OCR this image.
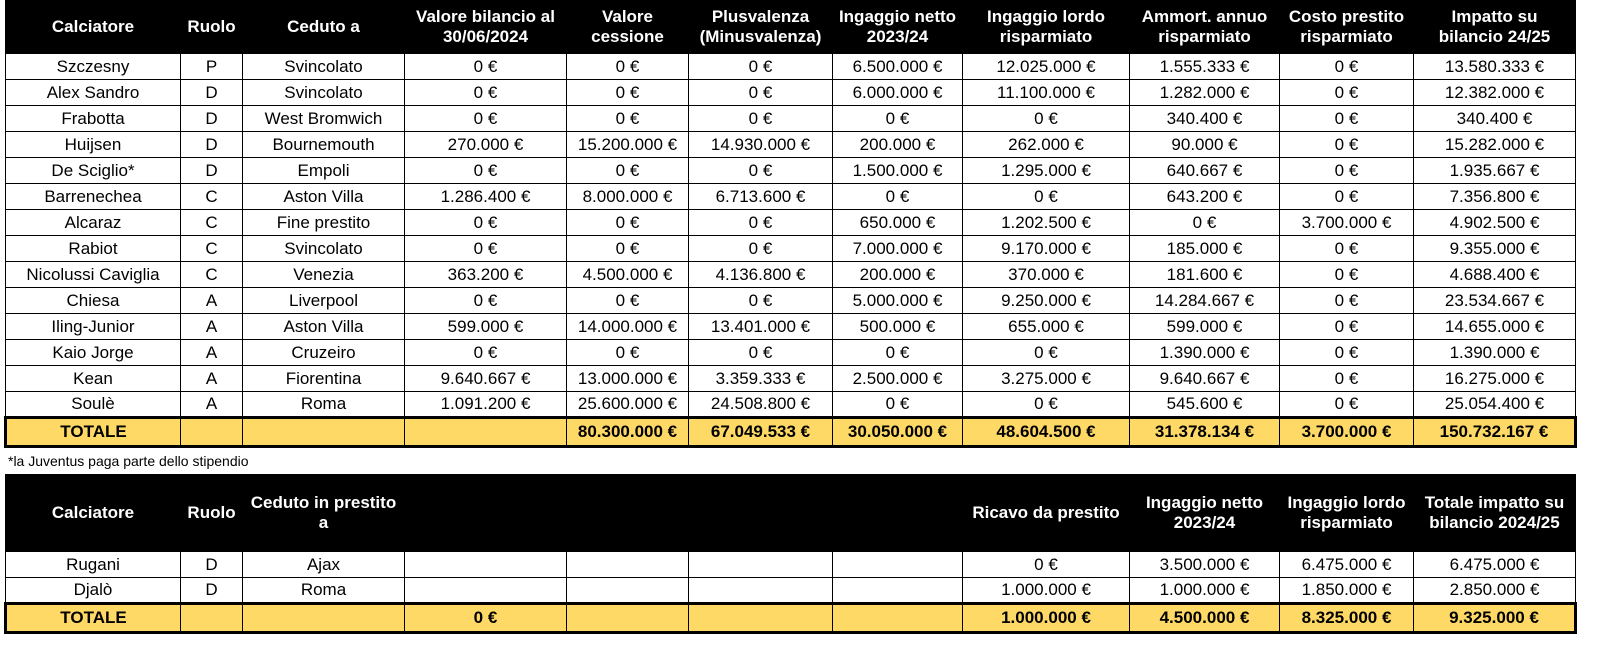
Calciatore	Ruolo	Ceduto a	Valore bilancio al 30/06/2024	Valore cessione	Plusvalenza (Minusvalenza)	Ingaggio netto 2023/24	Ingaggio lordo risparmiato	Ammort. annuo risparmiato	Costo prestito risparmiato	Impatto su bilancio 24/25
Szczesny	P	Svincolato	0 €	0 €	0 €	6.500.000 €	12.025.000 €	1.555.333 €	0 €	13.580.333 €
Alex Sandro	D	Svincolato	0 €	0 €	0 €	6.000.000 €	11.100.000 €	1.282.000 €	0 €	12.382.000 €
Frabotta	D	West Bromwich	0 €	0 €	0 €	0 €	0 €	340.400 €	0 €	340.400 €
Huijsen	D	Bournemouth	270.000 €	15.200.000 €	14.930.000 €	200.000 €	262.000 €	90.000 €	0 €	15.282.000 €
De Sciglio*	D	Empoli	0 €	0 €	0 €	1.500.000 €	1.295.000 €	640.667 €	0 €	1.935.667 €
Barrenechea	C	Aston Villa	1.286.400 €	8.000.000 €	6.713.600 €	0 €	0 €	643.200 €	0 €	7.356.800 €
Alcaraz	C	Fine prestito	0 €	0 €	0 €	650.000 €	1.202.500 €	0 €	3.700.000 €	4.902.500 €
Rabiot	C	Svincolato	0 €	0 €	0 €	7.000.000 €	9.170.000 €	185.000 €	0 €	9.355.000 €
Nicolussi Caviglia	C	Venezia	363.200 €	4.500.000 €	4.136.800 €	200.000 €	370.000 €	181.600 €	0 €	4.688.400 €
Chiesa	A	Liverpool	0 €	0 €	0 €	5.000.000 €	9.250.000 €	14.284.667 €	0 €	23.534.667 €
Iling-Junior	A	Aston Villa	599.000 €	14.000.000 €	13.401.000 €	500.000 €	655.000 €	599.000 €	0 €	14.655.000 €
Kaio Jorge	A	Cruzeiro	0 €	0 €	0 €	0 €	0 €	1.390.000 €	0 €	1.390.000 €
Kean	A	Fiorentina	9.640.667 €	13.000.000 €	3.359.333 €	2.500.000 €	3.275.000 €	9.640.667 €	0 €	16.275.000 €
Soulè	A	Roma	1.091.200 €	25.600.000 €	24.508.800 €	0 €	0 €	545.600 €	0 €	25.054.400 €
TOTALE				80.300.000 €	67.049.533 €	30.050.000 €	48.604.500 €	31.378.134 €	3.700.000 €	150.732.167 €
*la Juventus paga parte dello stipendio
Calciatore	Ruolo	Ceduto in prestito a					Ricavo da prestito	Ingaggio netto 2023/24	Ingaggio lordo risparmiato	Totale impatto su bilancio 2024/25
Rugani	D	Ajax					0 €	3.500.000 €	6.475.000 €	6.475.000 €
Djalò	D	Roma					1.000.000 €	1.000.000 €	1.850.000 €	2.850.000 €
TOTALE			0 €				1.000.000 €	4.500.000 €	8.325.000 €	9.325.000 €
